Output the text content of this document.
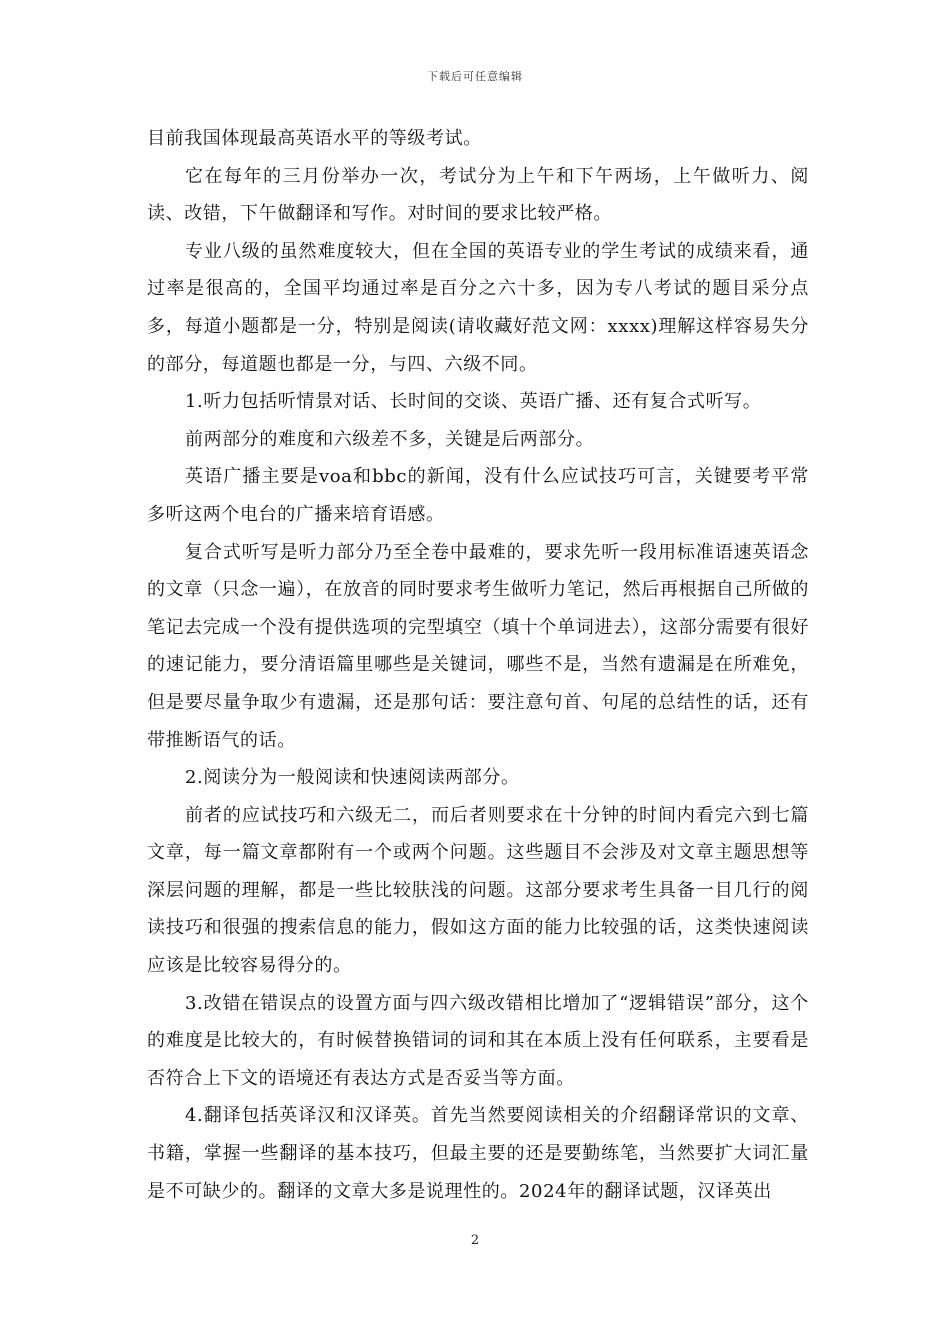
下载后可任意编辑

目前我国体现最高英语水平的等级考试。

它在每年的三月份举办一次，考试分为上午和下午两场，上午做听力、阅读、改错，下午做翻译和写作。对时间的要求比较严格。

专业八级的虽然难度较大，但在全国的英语专业的学生考试的成绩来看，通过率是很高的，全国平均通过率是百分之六十多，因为专八考试的题目采分点多，每道小题都是一分，特别是阅读(请收藏好范文网：xxxx)理解这样容易失分的部分，每道题也都是一分，与四、六级不同。

1.听力包括听情景对话、长时间的交谈、英语广播、还有复合式听写。

前两部分的难度和六级差不多，关键是后两部分。

英语广播主要是voa和bbc的新闻，没有什么应试技巧可言，关键要考平常多听这两个电台的广播来培育语感。

复合式听写是听力部分乃至全卷中最难的，要求先听一段用标准语速英语念的文章（只念一遍），在放音的同时要求考生做听力笔记，然后再根据自己所做的笔记去完成一个没有提供选项的完型填空（填十个单词进去），这部分需要有很好的速记能力，要分清语篇里哪些是关键词，哪些不是，当然有遗漏是在所难免，但是要尽量争取少有遗漏，还是那句话：要注意句首、句尾的总结性的话，还有带推断语气的话。

2.阅读分为一般阅读和快速阅读两部分。

前者的应试技巧和六级无二，而后者则要求在十分钟的时间内看完六到七篇文章，每一篇文章都附有一个或两个问题。这些题目不会涉及对文章主题思想等深层问题的理解，都是一些比较肤浅的问题。这部分要求考生具备一目几行的阅读技巧和很强的搜索信息的能力，假如这方面的能力比较强的话，这类快速阅读应该是比较容易得分的。

3.改错在错误点的设置方面与四六级改错相比增加了“逻辑错误”部分，这个的难度是比较大的，有时候替换错词的词和其在本质上没有任何联系，主要看是否符合上下文的语境还有表达方式是否妥当等方面。

4.翻译包括英译汉和汉译英。首先当然要阅读相关的介绍翻译常识的文章、书籍，掌握一些翻译的基本技巧，但最主要的还是要勤练笔，当然要扩大词汇量是不可缺少的。翻译的文章大多是说理性的。2024年的翻译试题，汉译英出

2
